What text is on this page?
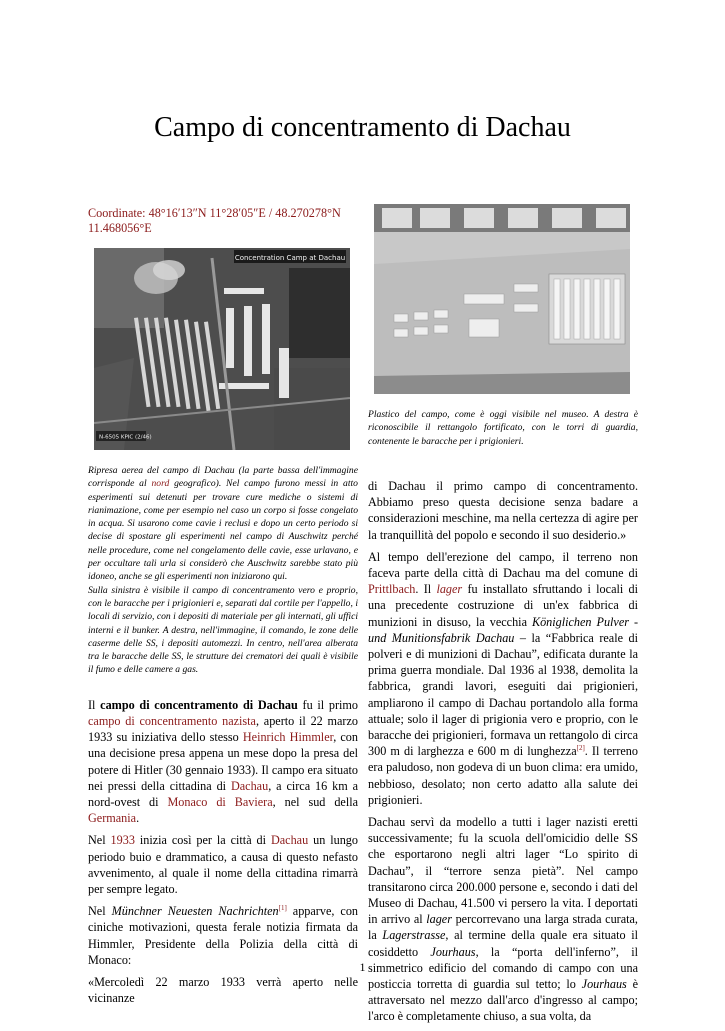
Campo di concentramento di Dachau

Coordinate: 48°16′13″N 11°28′05″E / 48.270278°N 11.468056°E

Concentration Camp at Dachau
N-6505 KPIC (2/46)

Ripresa aerea del campo di Dachau (la parte bassa dell'immagine corrisponde al nord geografico). Nel campo furono messi in atto esperimenti sui detenuti per trovare cure mediche o sistemi di rianimazione, come per esempio nel caso un corpo si fosse congelato in acqua. Si usarono come cavie i reclusi e dopo un certo periodo si decise di spostare gli esperimenti nel campo di Auschwitz perché nelle procedure, come nel congelamento delle cavie, esse urlavano, e per occultare tali urla si considerò che Auschwitz sarebbe stato più idoneo, anche se gli esperimenti non iniziarono qui.

Sulla sinistra è visibile il campo di concentramento vero e proprio, con le baracche per i prigionieri e, separati dal cortile per l'appello, i locali di servizio, con i depositi di materiale per gli internati, gli uffici interni e il bunker. A destra, nell'immagine, il comando, le zone delle caserme delle SS, i depositi automezzi. In centro, nell'area alberata tra le baracche delle SS, le strutture dei crematori dei quali è visibile il fumo e delle camere a gas.

Il campo di concentramento di Dachau fu il primo campo di concentramento nazista, aperto il 22 marzo 1933 su iniziativa dello stesso Heinrich Himmler, con una decisione presa appena un mese dopo la presa del potere di Hitler (30 gennaio 1933). Il campo era situato nei pressi della cittadina di Dachau, a circa 16 km a nord-ovest di Monaco di Baviera, nel sud della Germania.

Nel 1933 inizia così per la città di Dachau un lungo periodo buio e drammatico, a causa di questo nefasto avvenimento, al quale il nome della cittadina rimarrà per sempre legato.

Nel Münchner Neuesten Nachrichten[1] apparve, con ciniche motivazioni, questa ferale notizia firmata da Himmler, Presidente della Polizia della città di Monaco:

«Mercoledì 22 marzo 1933 verrà aperto nelle vicinanze

Plastico del campo, come è oggi visibile nel museo. A destra è riconoscibile il rettangolo fortificato, con le torri di guardia, contenente le baracche per i prigionieri.

di Dachau il primo campo di concentramento. Abbiamo preso questa decisione senza badare a considerazioni meschine, ma nella certezza di agire per la tranquillità del popolo e secondo il suo desiderio.»

Al tempo dell'erezione del campo, il terreno non faceva parte della città di Dachau ma del comune di Prittlbach. Il lager fu installato sfruttando i locali di una precedente costruzione di un'ex fabbrica di munizioni in disuso, la vecchia Königlichen Pulver - und Munitionsfabrik Dachau – la “Fabbrica reale di polveri e di munizioni di Dachau”, edificata durante la prima guerra mondiale. Dal 1936 al 1938, demolita la fabbrica, grandi lavori, eseguiti dai prigionieri, ampliarono il campo di Dachau portandolo alla forma attuale; solo il lager di prigionia vero e proprio, con le baracche dei prigionieri, formava un rettangolo di circa 300 m di larghezza e 600 m di lunghezza[2]. Il terreno era paludoso, non godeva di un buon clima: era umido, nebbioso, desolato; non certo adatto alla salute dei prigionieri.

Dachau servì da modello a tutti i lager nazisti eretti successivamente; fu la scuola dell'omicidio delle SS che esportarono negli altri lager “Lo spirito di Dachau”, il “terrore senza pietà”. Nel campo transitarono circa 200.000 persone e, secondo i dati del Museo di Dachau, 41.500 vi persero la vita. I deportati in arrivo al lager percorrevano una larga strada curata, la Lagerstrasse, al termine della quale era situato il cosiddetto Jourhaus, la “porta dell'inferno”, il simmetrico edificio del comando di campo con una posticcia torretta di guardia sul tetto; lo Jourhaus è attraversato nel mezzo dall'arco d'ingresso al campo; l'arco è completamente chiuso, a sua volta, da

1
